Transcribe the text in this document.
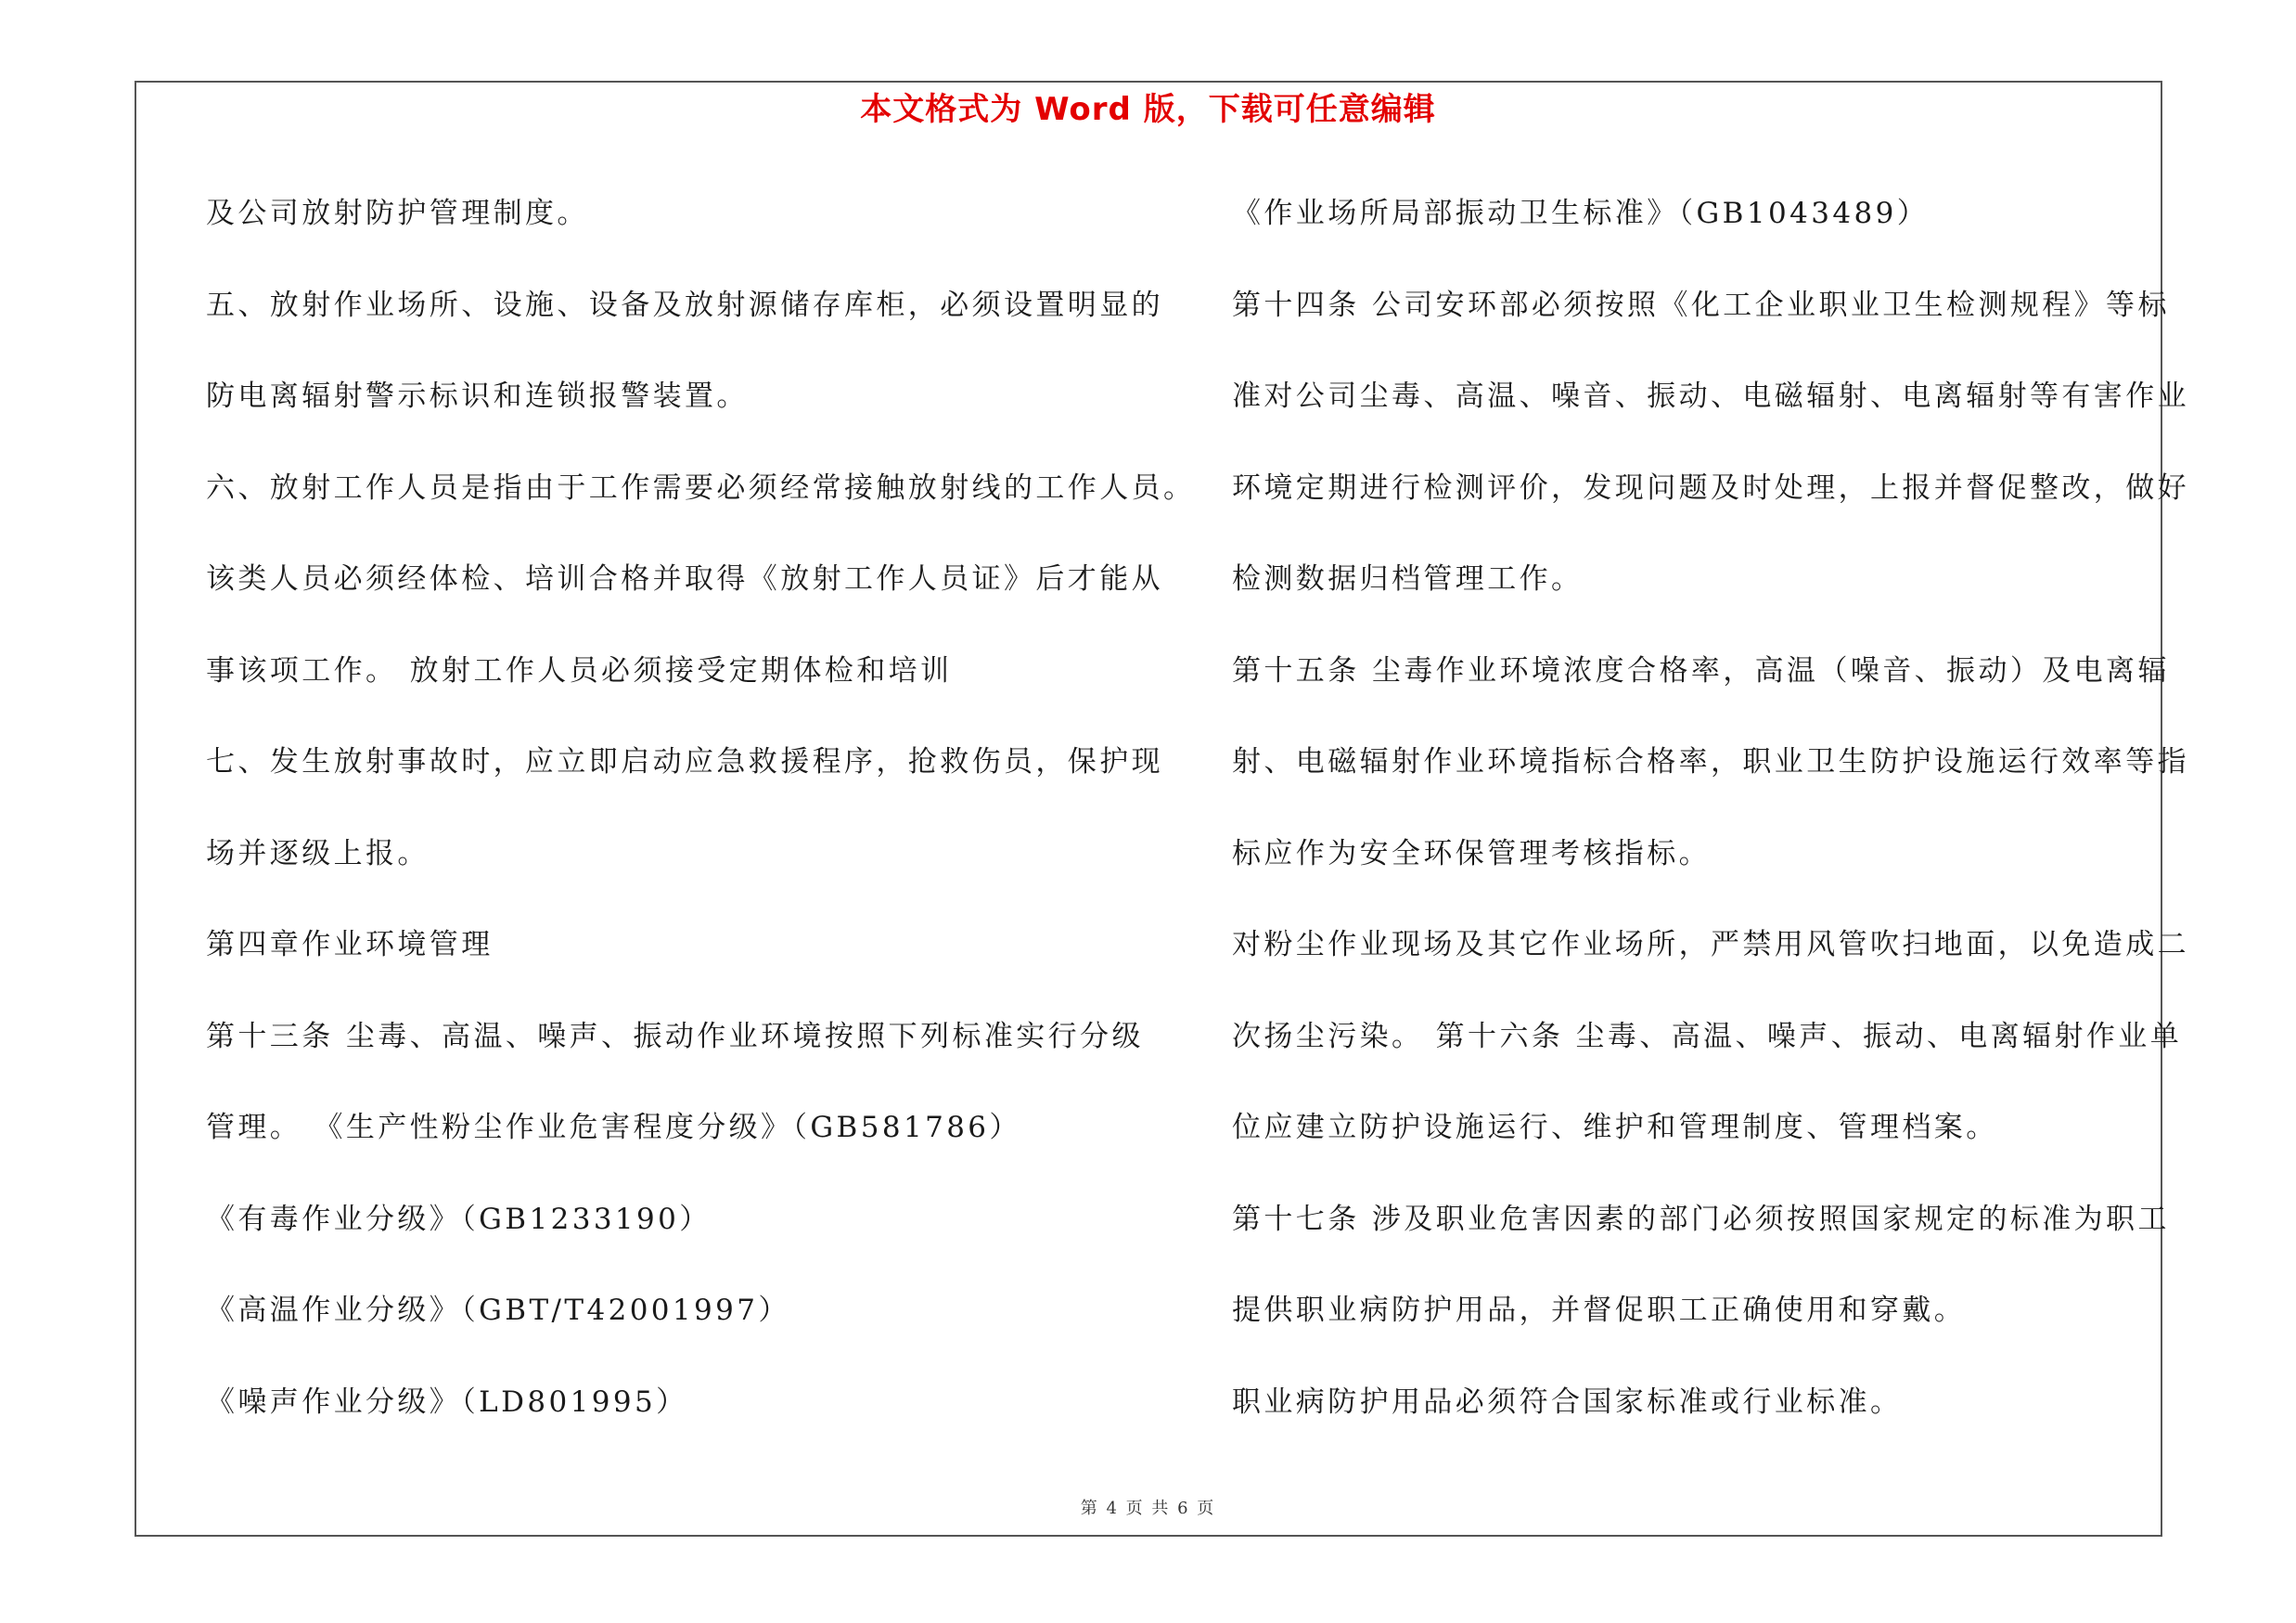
本文格式为 Word 版，下载可任意编辑
及公司放射防护管理制度。
五、放射作业场所、设施、设备及放射源储存库柜，必须设置明显的
防电离辐射警示标识和连锁报警装置。
六、放射工作人员是指由于工作需要必须经常接触放射线的工作人员。
该类人员必须经体检、培训合格并取得《放射工作人员证》后才能从
事该项工作。 放射工作人员必须接受定期体检和培训
七、发生放射事故时，应立即启动应急救援程序，抢救伤员，保护现
场并逐级上报。
第四章作业环境管理
第十三条 尘毒、高温、噪声、振动作业环境按照下列标准实行分级
管理。 《生产性粉尘作业危害程度分级》（GB581786）
《有毒作业分级》（GB1233190）
《高温作业分级》（GBT/T42001997）
《噪声作业分级》（LD801995）
《作业场所局部振动卫生标准》（GB1043489）
第十四条 公司安环部必须按照《化工企业职业卫生检测规程》等标
准对公司尘毒、高温、噪音、振动、电磁辐射、电离辐射等有害作业
环境定期进行检测评价，发现问题及时处理，上报并督促整改，做好
检测数据归档管理工作。
第十五条 尘毒作业环境浓度合格率，高温（噪音、振动）及电离辐
射、电磁辐射作业环境指标合格率，职业卫生防护设施运行效率等指
标应作为安全环保管理考核指标。
对粉尘作业现场及其它作业场所，严禁用风管吹扫地面，以免造成二
次扬尘污染。 第十六条 尘毒、高温、噪声、振动、电离辐射作业单
位应建立防护设施运行、维护和管理制度、管理档案。
第十七条 涉及职业危害因素的部门必须按照国家规定的标准为职工
提供职业病防护用品，并督促职工正确使用和穿戴。
职业病防护用品必须符合国家标准或行业标准。
第 4 页 共 6 页
